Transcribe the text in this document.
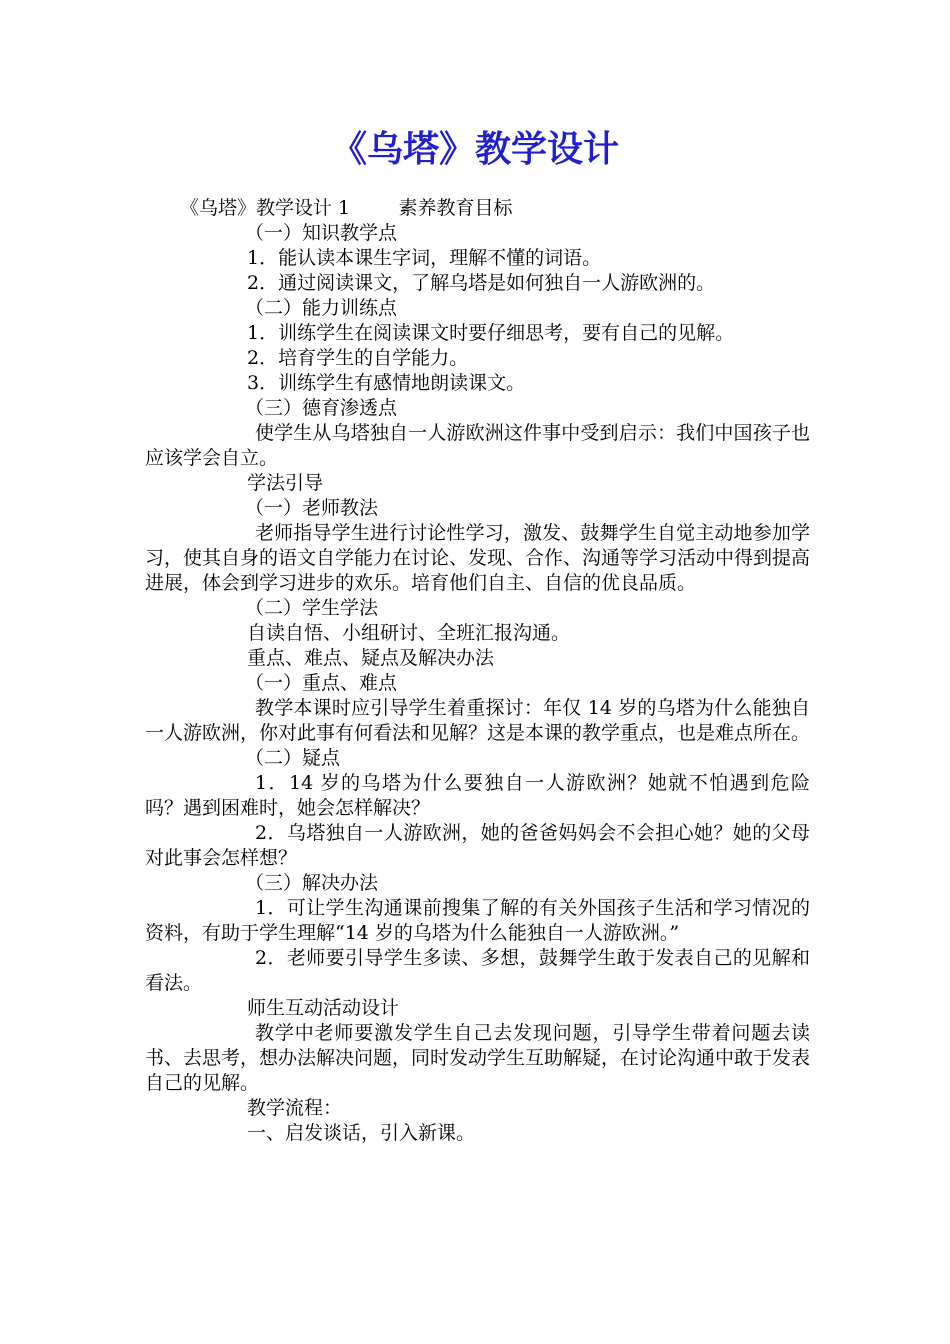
《乌塔》教学设计

《乌塔》教学设计 1        素养教育目标

（一）知识教学点

1．能认读本课生字词，理解不懂的词语。

2．通过阅读课文，了解乌塔是如何独自一人游欧洲的。

（二）能力训练点

1．训练学生在阅读课文时要仔细思考，要有自己的见解。

2．培育学生的自学能力。

3．训练学生有感情地朗读课文。

（三）德育渗透点

使学生从乌塔独自一人游欧洲这件事中受到启示：我们中国孩子也应该学会自立。

学法引导

（一）老师教法

老师指导学生进行讨论性学习，激发、鼓舞学生自觉主动地参加学习，使其自身的语文自学能力在讨论、发现、合作、沟通等学习活动中得到提高进展，体会到学习进步的欢乐。培育他们自主、自信的优良品质。

（二）学生学法

自读自悟、小组研讨、全班汇报沟通。

重点、难点、疑点及解决办法

（一）重点、难点

教学本课时应引导学生着重探讨：年仅 14 岁的乌塔为什么能独自一人游欧洲，你对此事有何看法和见解？这是本课的教学重点，也是难点所在。

（二）疑点

1．14 岁的乌塔为什么要独自一人游欧洲？她就不怕遇到危险吗？遇到困难时，她会怎样解决？

2．乌塔独自一人游欧洲，她的爸爸妈妈会不会担心她？她的父母对此事会怎样想？

（三）解决办法

1．可让学生沟通课前搜集了解的有关外国孩子生活和学习情况的资料，有助于学生理解“14 岁的乌塔为什么能独自一人游欧洲。”

2．老师要引导学生多读、多想，鼓舞学生敢于发表自己的见解和看法。

师生互动活动设计

教学中老师要激发学生自己去发现问题，引导学生带着问题去读书、去思考，想办法解决问题，同时发动学生互助解疑，在讨论沟通中敢于发表自己的见解。

教学流程：

一、启发谈话，引入新课。
